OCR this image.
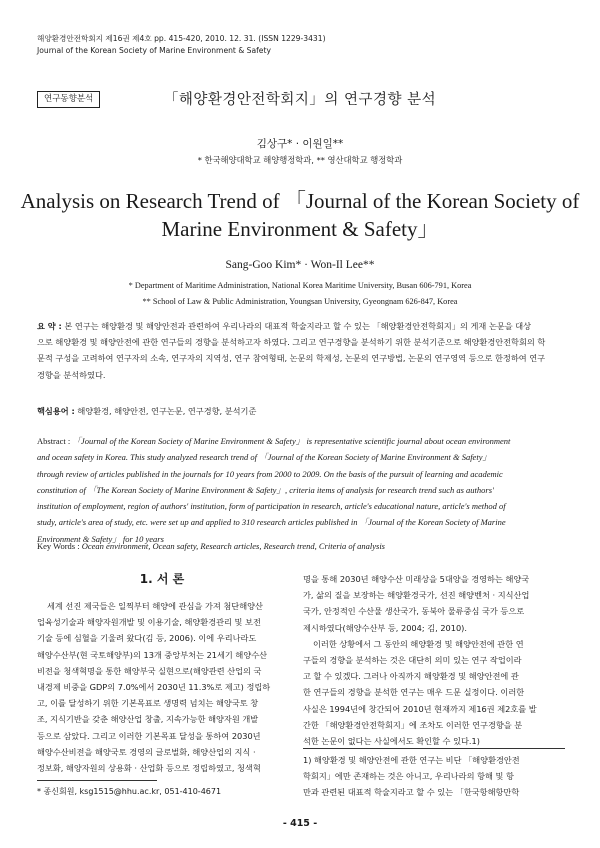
해양환경안전학회지 제16권 제4호 pp. 415-420, 2010. 12. 31. (ISSN 1229-3431)
Journal of the Korean Society of Marine Environment & Safety
연구동향분석	「해양환경안전학회지」의 연구경향 분석
김상구* · 이원일**
* 한국해양대학교 해양행정학과, ** 영산대학교 행정학과
Analysis on Research Trend of 「Journal of the Korean Society of
Marine Environment & Safety」
Sang-Goo Kim* · Won-Il Lee**
* Department of Maritime Administration, National Korea Maritime University, Busan 606-791, Korea
** School of Law & Public Administration, Youngsan University, Gyeongnam 626-847, Korea
요 약 : 본 연구는 해양환경 및 해양안전과 관련하여 우리나라의 대표적 학술지라고 할 수 있는 「해양환경안전학회지」의 게재 논문을 대상
으로 해양환경 및 해양안전에 관한 연구들의 경향을 분석하고자 하였다. 그리고 연구경향을 분석하기 위한 분석기준으로 해양환경안전학회의 학
문적 구성을 고려하여 연구자의 소속, 연구자의 지역성, 연구 참여형태, 논문의 학제성, 논문의 연구방법, 논문의 연구영역 등으로 한정하여 연구
경향을 분석하였다.
핵심용어 : 해양환경, 해양안전, 연구논문, 연구경향, 분석기준
Abstract : 「Journal of the Korean Society of Marine Environment & Safety」 is representative scientific journal about ocean environment
and ocean safety in Korea. This study analyzed research trend of 「Journal of the Korean Society of Marine Environment & Safety」
through review of articles published in the journals for 10 years from 2000 to 2009. On the basis of the pursuit of learning and academic
constitution of 「The Korean Society of Marine Environment & Safety」, criteria items of analysis for research trend such as authors'
institution of employment, region of authors' institution, form of participation in research, article's educational nature, article's method of
study, article's area of study, etc. were set up and applied to 310 research articles published in 「Journal of the Korean Society of Marine
Environment & Safety」 for 10 years
Key Words : Ocean environment, Ocean safety, Research articles, Research trend, Criteria of analysis
1. 서 론
세계 선진 제국들은 일찍부터 해양에 관심을 가져 첨단해양산
업육성기술과 해양자원개발 및 이용기술, 해양환경관리 및 보전
기술 등에 심혈을 기울려 왔다(김 등, 2006). 이에 우리나라도
해양수산부(현 국토해양부)의 13개 중앙부처는 21세기 해양수산
비전을 청색혁명을 통한 해양부국 실현으로(해양관련 산업의 국
내경제 비중을 GDP의 7.0%에서 2030년 11.3%로 제고) 정립하
고, 이를 달성하기 위한 기본목표로 생명력 넘치는 해양국토 창
조, 지식기반을 갖춘 해양산업 창출, 지속가능한 해양자원 개발
등으로 삼았다. 그리고 이러한 기본목표 달성을 통하여 2030년
해양수산비전을 해양국토 경영의 글로벌화, 해양산업의 지식 ·
정보화, 해양자원의 상용화 · 산업화 등으로 정립하였고, 청색혁
* 종신회원, ksg1515@hhu.ac.kr, 051-410-4671
명을 통해 2030년 해양수산 미래상을 5대양을 경영하는 해양국
가, 삶의 질을 보장하는 해양환경국가, 선진 해양벤처 · 지식산업
국가, 안정적인 수산물 생산국가, 동북아 물류중심 국가 등으로
제시하였다(해양수산부 등, 2004; 김, 2010).
이러한 상황에서 그 동안의 해양환경 및 해양안전에 관한 연
구들의 경향을 분석하는 것은 대단히 의미 있는 연구 작업이라
고 할 수 있겠다. 그러나 아직까지 해양환경 및 해양안전에 관
한 연구들의 경향을 분석한 연구는 매우 드문 실정이다. 이러한
사실은 1994년에 창간되어 2010년 현재까지 제16권 제2호를 발
간한 「해양환경안전학회지」에 조차도 이러한 연구경향을 분
석한 논문이 없다는 사실에서도 확인할 수 있다.1)
1) 해양환경 및 해양안전에 관한 연구는 비단 「해양환경안전
학회지」에만 존재하는 것은 아니고, 우리나라의 항해 및 항
만과 관련된 대표적 학술지라고 할 수 있는 「한국항해항만학
- 415 -
